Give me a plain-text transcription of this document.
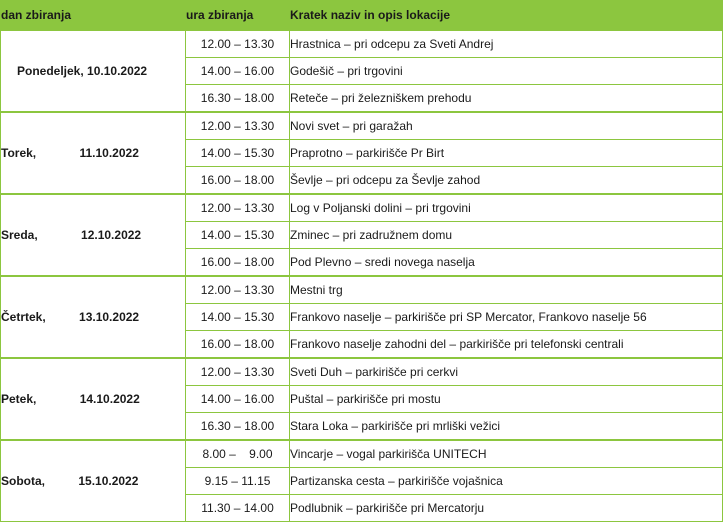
dan zbiranja	ura zbiranja	Kratek naziv in opis lokacije
Ponedeljek, 10.10.2022	12.00 – 13.30	Hrastnica – pri odcepu za Sveti Andrej
	14.00 – 16.00	Godešič – pri trgovini
	16.30 – 18.00	Reteče – pri železniškem prehodu
Torek, 11.10.2022	12.00 – 13.30	Novi svet – pri garažah
	14.00 – 15.30	Praprotno – parkirišče Pr Birt
	16.00 – 18.00	Ševlje – pri odcepu za Ševlje zahod
Sreda, 12.10.2022	12.00 – 13.30	Log v Poljanski dolini – pri trgovini
	14.00 – 15.30	Zminec – pri zadružnem domu
	16.00 – 18.00	Pod Plevno – sredi novega naselja
Četrtek, 13.10.2022	12.00 – 13.30	Mestni trg
	14.00 – 15.30	Frankovo naselje – parkirišče pri SP Mercator, Frankovo naselje 56
	16.00 – 18.00	Frankovo naselje zahodni del – parkirišče pri telefonski centrali
Petek, 14.10.2022	12.00 – 13.30	Sveti Duh – parkirišče pri cerkvi
	14.00 – 16.00	Puštal – parkirišče pri mostu
	16.30 – 18.00	Stara Loka – parkirišče pri mrliški vežici
Sobota, 15.10.2022	8.00 –    9.00	Vincarje – vogal parkirišča UNITECH
	9.15 – 11.15	Partizanska cesta – parkirišče vojašnica
	11.30 – 14.00	Podlubnik – parkirišče pri Mercatorju
